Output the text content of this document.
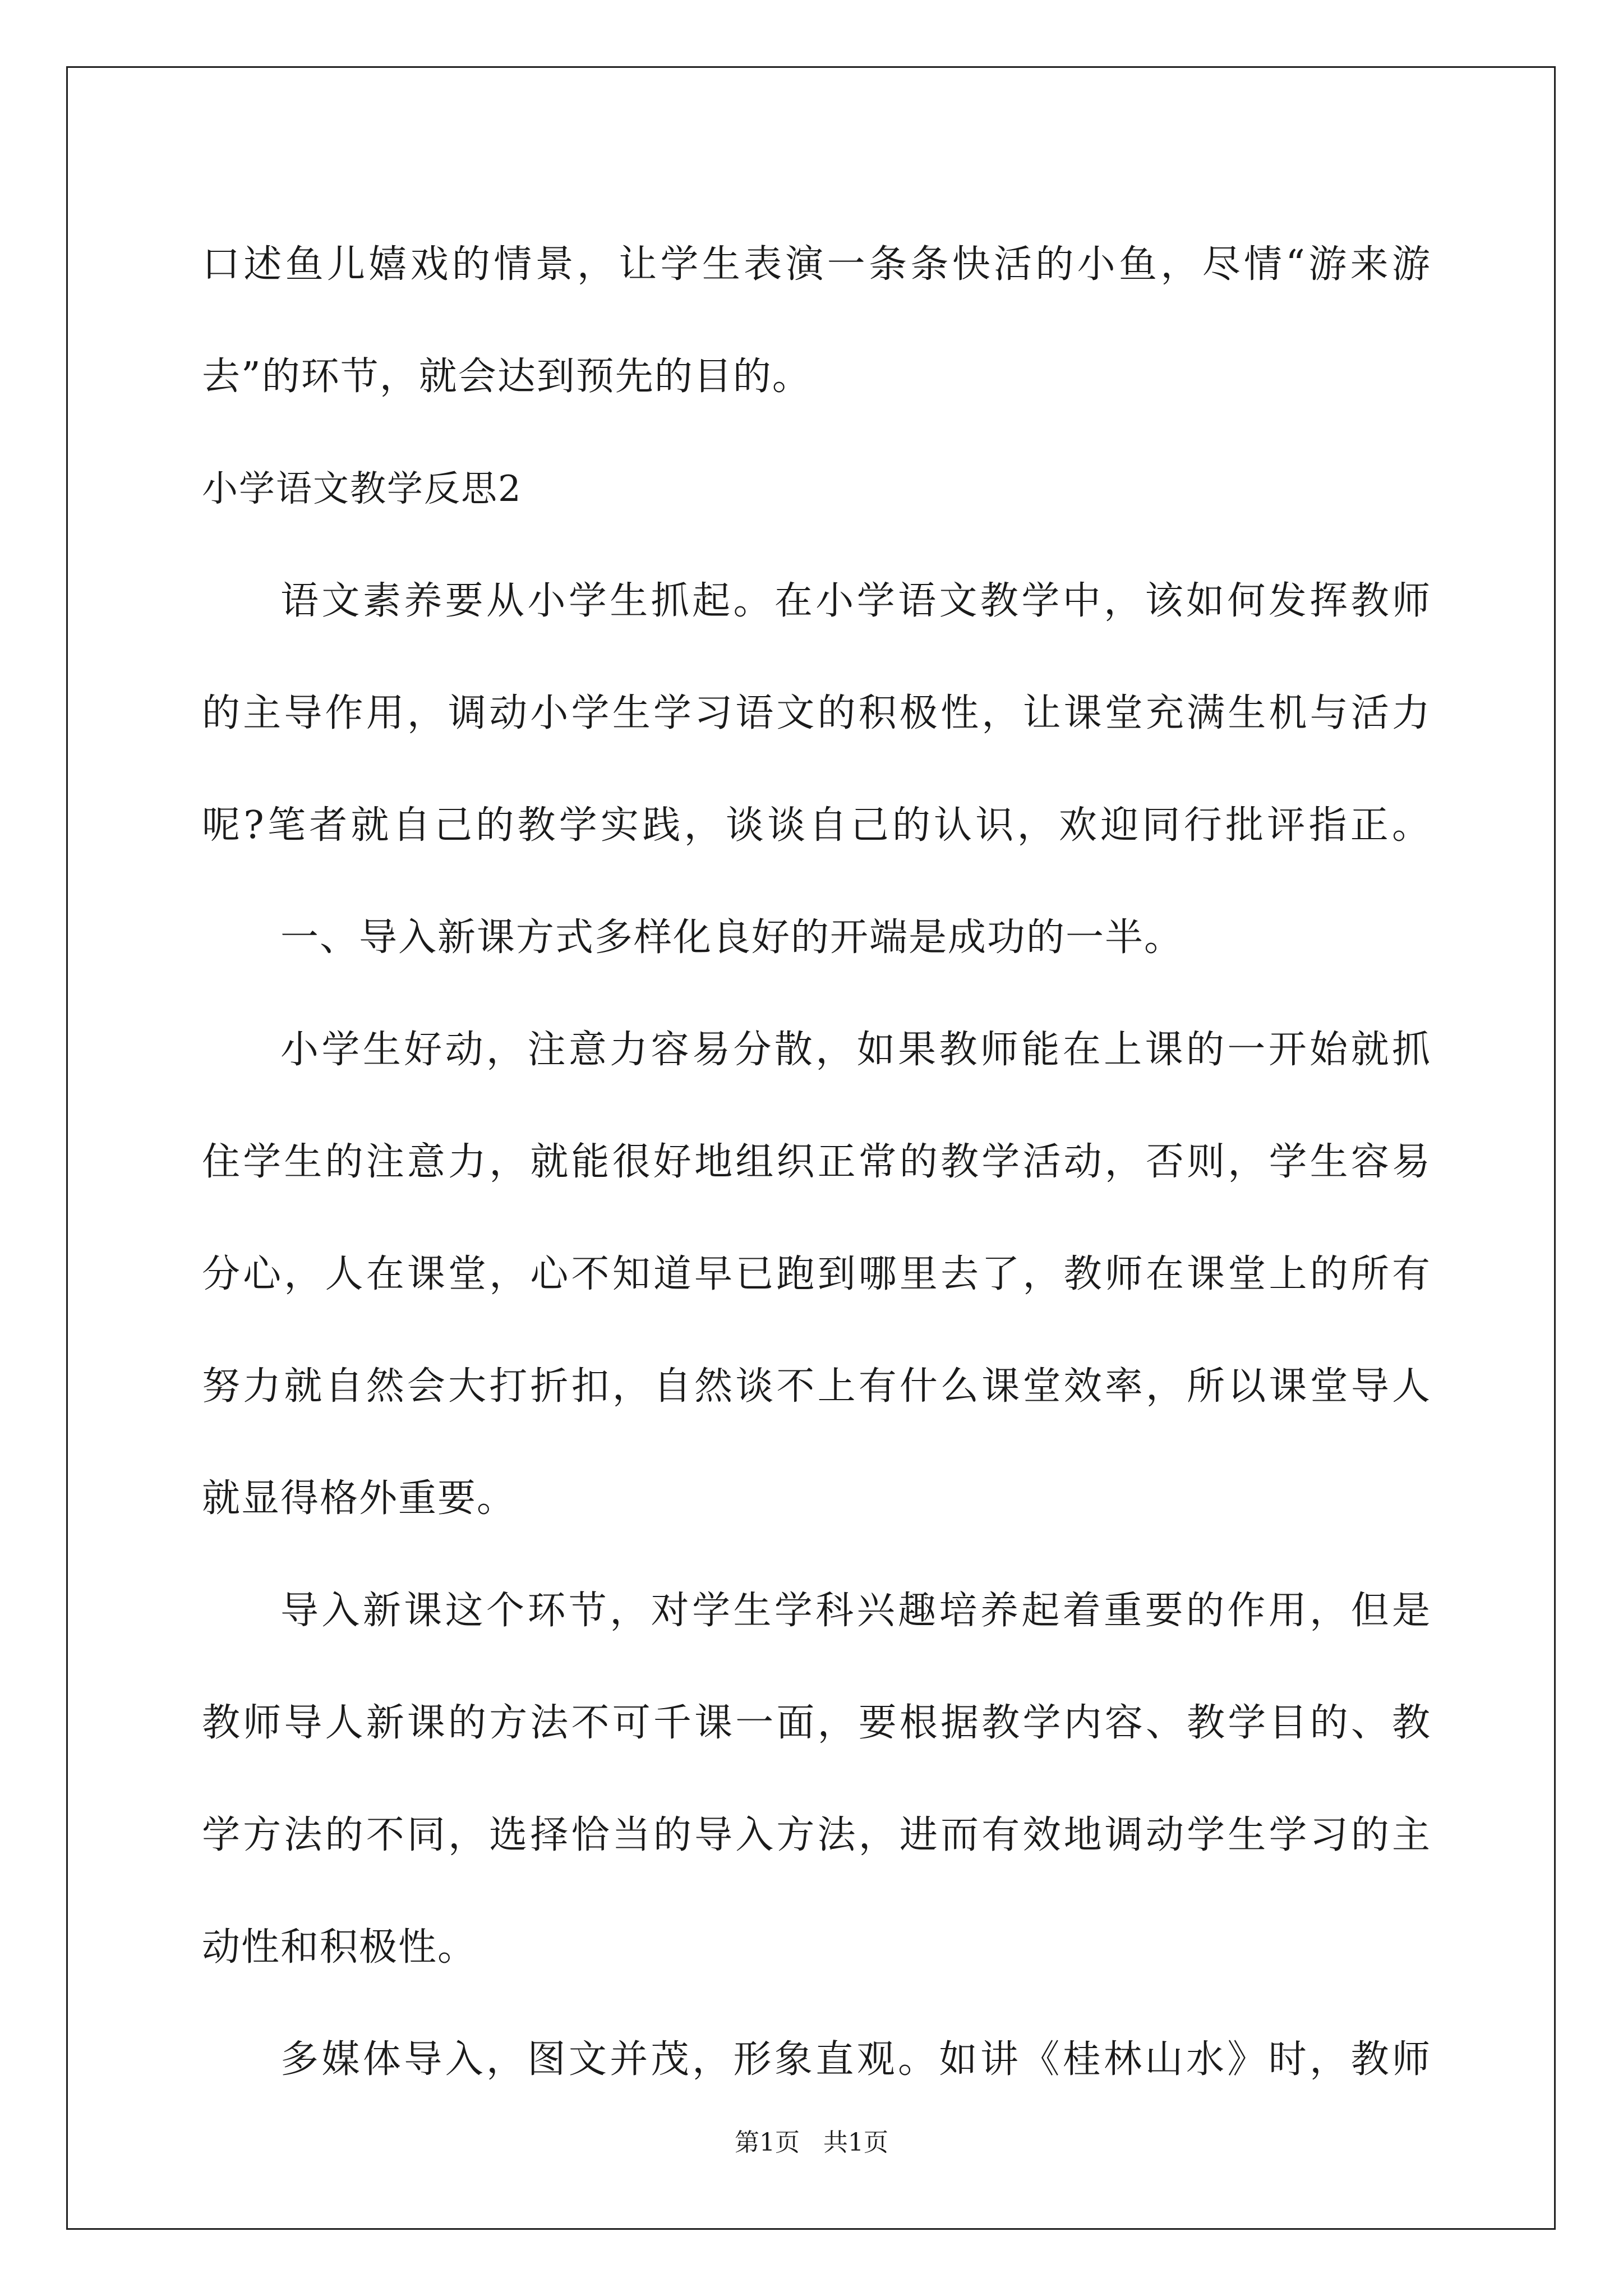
口述鱼儿嬉戏的情景，让学生表演一条条快活的小鱼，尽情“游来游
去”的环节，就会达到预先的目的。
小学语文教学反思2
语文素养要从小学生抓起。在小学语文教学中，该如何发挥教师
的主导作用，调动小学生学习语文的积极性，让课堂充满生机与活力
呢?笔者就自己的教学实践，谈谈自己的认识，欢迎同行批评指正。
一、导入新课方式多样化良好的开端是成功的一半。
小学生好动，注意力容易分散，如果教师能在上课的一开始就抓
住学生的注意力，就能很好地组织正常的教学活动，否则，学生容易
分心，人在课堂，心不知道早已跑到哪里去了，教师在课堂上的所有
努力就自然会大打折扣，自然谈不上有什么课堂效率，所以课堂导人
就显得格外重要。
导入新课这个环节，对学生学科兴趣培养起着重要的作用，但是
教师导人新课的方法不可千课一面，要根据教学内容、教学目的、教
学方法的不同，选择恰当的导入方法，进而有效地调动学生学习的主
动性和积极性。
多媒体导入，图文并茂，形象直观。如讲《桂林山水》时，教师
第1页   共1页
